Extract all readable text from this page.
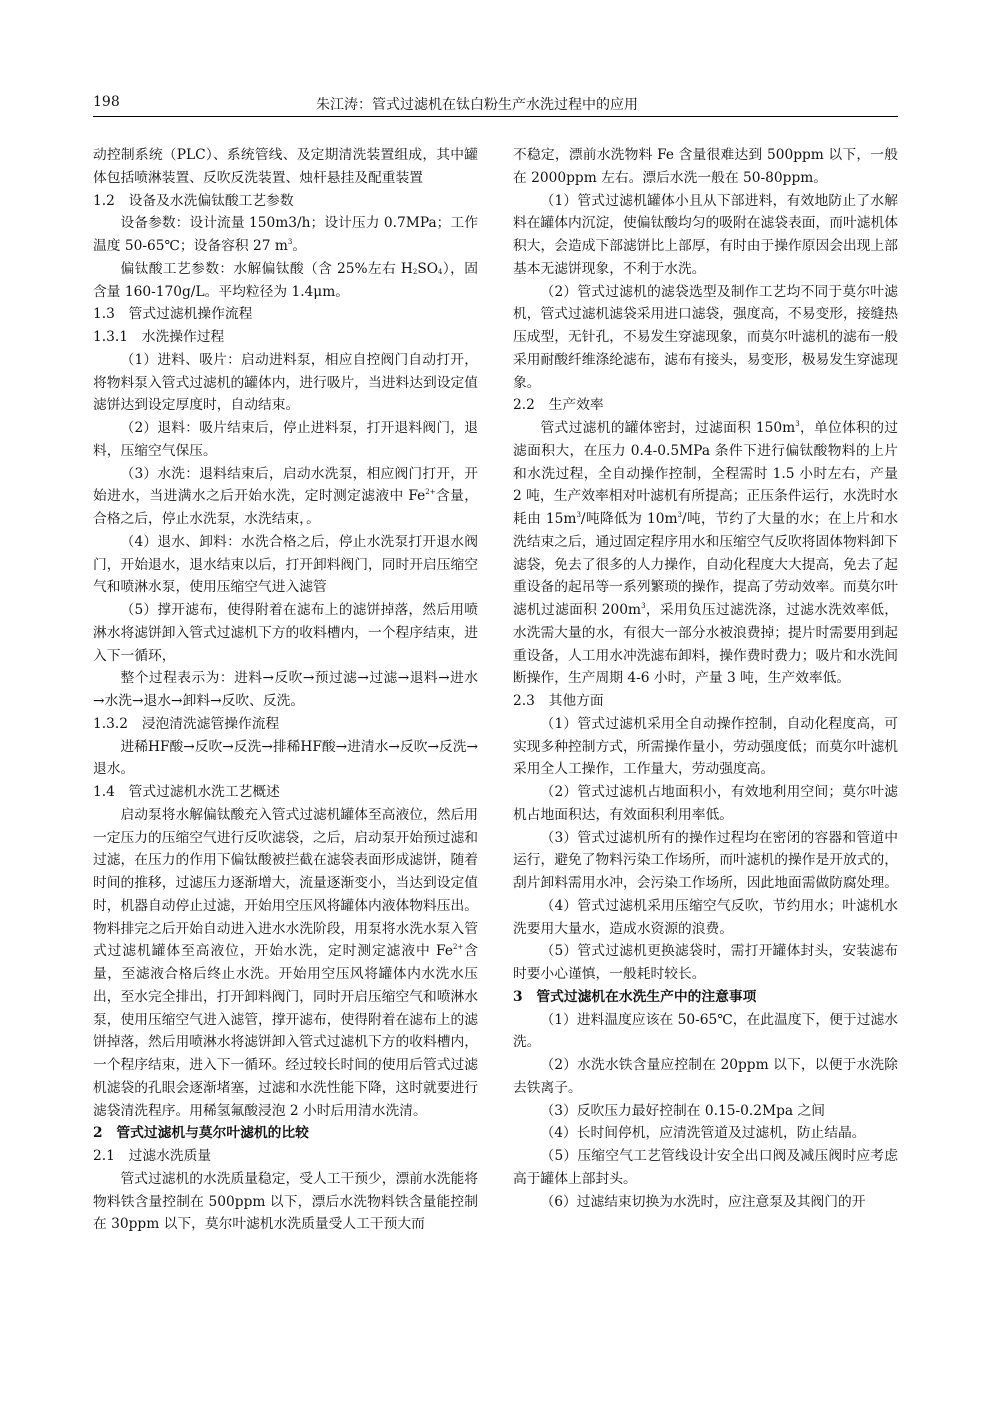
198	朱江涛：管式过滤机在钛白粉生产水洗过程中的应用

动控制系统（PLC）、系统管线、及定期清洗装置组成，其中罐体包括喷淋装置、反吹反洗装置、烛杆悬挂及配重装置

1.2　设备及水洗偏钛酸工艺参数

设备参数：设计流量 150m3/h；设计压力 0.7MPa；工作温度 50-65℃；设备容积 27 $m^3$。

偏钛酸工艺参数：水解偏钛酸（含 25%左右 $H_2SO_4$），固含量 160-170g/L。平均粒径为 1.4μm。

1.3　管式过滤机操作流程

1.3.1　水洗操作过程

（1）进料、吸片：启动进料泵，相应自控阀门自动打开，将物料泵入管式过滤机的罐体内，进行吸片，当进料达到设定值滤饼达到设定厚度时，自动结束。

（2）退料：吸片结束后，停止进料泵，打开退料阀门，退料，压缩空气保压。

（3）水洗：退料结束后，启动水洗泵，相应阀门打开，开始进水，当进满水之后开始水洗，定时测定滤液中 $Fe^{2+}$含量，合格之后，停止水洗泵，水洗结束，。

（4）退水、卸料：水洗合格之后，停止水洗泵打开退水阀门，开始退水，退水结束以后，打开卸料阀门，同时开启压缩空气和喷淋水泵，使用压缩空气进入滤管

（5）撑开滤布，使得附着在滤布上的滤饼掉落，然后用喷淋水将滤饼卸入管式过滤机下方的收料槽内，一个程序结束，进入下一循环，

整个过程表示为：进料→反吹→预过滤→过滤→退料→进水→水洗→退水→卸料→反吹、反洗。

1.3.2　浸泡清洗滤管操作流程

进稀HF酸→反吹→反洗→排稀HF酸→进清水→反吹→反洗→退水。

1.4　管式过滤机水洗工艺概述

启动泵将水解偏钛酸充入管式过滤机罐体至高液位，然后用一定压力的压缩空气进行反吹滤袋，之后，启动泵开始预过滤和过滤，在压力的作用下偏钛酸被拦截在滤袋表面形成滤饼，随着时间的推移，过滤压力逐渐增大，流量逐渐变小，当达到设定值时，机器自动停止过滤，开始用空压风将罐体内液体物料压出。物料排完之后开始自动进入进水水洗阶段，用泵将水洗水泵入管式过滤机罐体至高液位，开始水洗，定时测定滤液中 $Fe^{2+}$含量，至滤液合格后终止水洗。开始用空压风将罐体内水洗水压出，至水完全排出，打开卸料阀门，同时开启压缩空气和喷淋水泵，使用压缩空气进入滤管，撑开滤布，使得附着在滤布上的滤饼掉落，然后用喷淋水将滤饼卸入管式过滤机下方的收料槽内，一个程序结束，进入下一循环。经过较长时间的使用后管式过滤机滤袋的孔眼会逐渐堵塞，过滤和水洗性能下降，这时就要进行滤袋清洗程序。用稀氢氟酸浸泡 2 小时后用清水洗清。

2　管式过滤机与莫尔叶滤机的比较

2.1　过滤水洗质量

管式过滤机的水洗质量稳定，受人工干预少，漂前水洗能将物料铁含量控制在 500ppm 以下，漂后水洗物料铁含量能控制在 30ppm 以下，莫尔叶滤机水洗质量受人工干预大而

不稳定，漂前水洗物料 Fe 含量很难达到 500ppm 以下，一般在 2000ppm 左右。漂后水洗一般在 50-80ppm。

（1）管式过滤机罐体小且从下部进料，有效地防止了水解料在罐体内沉淀，使偏钛酸均匀的吸附在滤袋表面，而叶滤机体积大，会造成下部滤饼比上部厚，有时由于操作原因会出现上部基本无滤饼现象，不利于水洗。

（2）管式过滤机的滤袋选型及制作工艺均不同于莫尔叶滤机，管式过滤机滤袋采用进口滤袋，强度高，不易变形，接缝热压成型，无针孔，不易发生穿滤现象，而莫尔叶滤机的滤布一般采用耐酸纤维涤纶滤布，滤布有接头，易变形，极易发生穿滤现象。

2.2　生产效率

管式过滤机的罐体密封，过滤面积 $150m^3$，单位体积的过滤面积大，在压力 0.4-0.5MPa 条件下进行偏钛酸物料的上片和水洗过程，全自动操作控制，全程需时 1.5 小时左右，产量 2 吨，生产效率相对叶滤机有所提高；正压条件运行，水洗时水耗由 $15m^3/$吨降低为 $10m^3/$吨，节约了大量的水；在上片和水洗结束之后，通过固定程序用水和压缩空气反吹将固体物料卸下滤袋，免去了很多的人力操作，自动化程度大大提高，免去了起重设备的起吊等一系列繁琐的操作，提高了劳动效率。而莫尔叶滤机过滤面积 $200m^3$，采用负压过滤洗涤，过滤水洗效率低，水洗需大量的水，有很大一部分水被浪费掉；提片时需要用到起重设备，人工用水冲洗滤布卸料，操作费时费力；吸片和水洗间断操作，生产周期 4-6 小时，产量 3 吨，生产效率低。

2.3　其他方面

（1）管式过滤机采用全自动操作控制，自动化程度高，可实现多种控制方式，所需操作量小，劳动强度低；而莫尔叶滤机采用全人工操作，工作量大，劳动强度高。

（2）管式过滤机占地面积小，有效地利用空间；莫尔叶滤机占地面积达，有效面积利用率低。

（3）管式过滤机所有的操作过程均在密闭的容器和管道中运行，避免了物料污染工作场所，而叶滤机的操作是开放式的，刮片卸料需用水冲，会污染工作场所，因此地面需做防腐处理。

（4）管式过滤机采用压缩空气反吹，节约用水；叶滤机水洗要用大量水，造成水资源的浪费。

（5）管式过滤机更换滤袋时，需打开罐体封头，安装滤布时要小心谨慎，一般耗时较长。

3　管式过滤机在水洗生产中的注意事项

（1）进料温度应该在 50-65℃，在此温度下，便于过滤水洗。

（2）水洗水铁含量应控制在 20ppm 以下，以便于水洗除去铁离子。

（3）反吹压力最好控制在 0.15-0.2Mpa 之间

（4）长时间停机，应清洗管道及过滤机，防止结晶。

（5）压缩空气工艺管线设计安全出口阀及减压阀时应考虑高于罐体上部封头。

（6）过滤结束切换为水洗时，应注意泵及其阀门的开
